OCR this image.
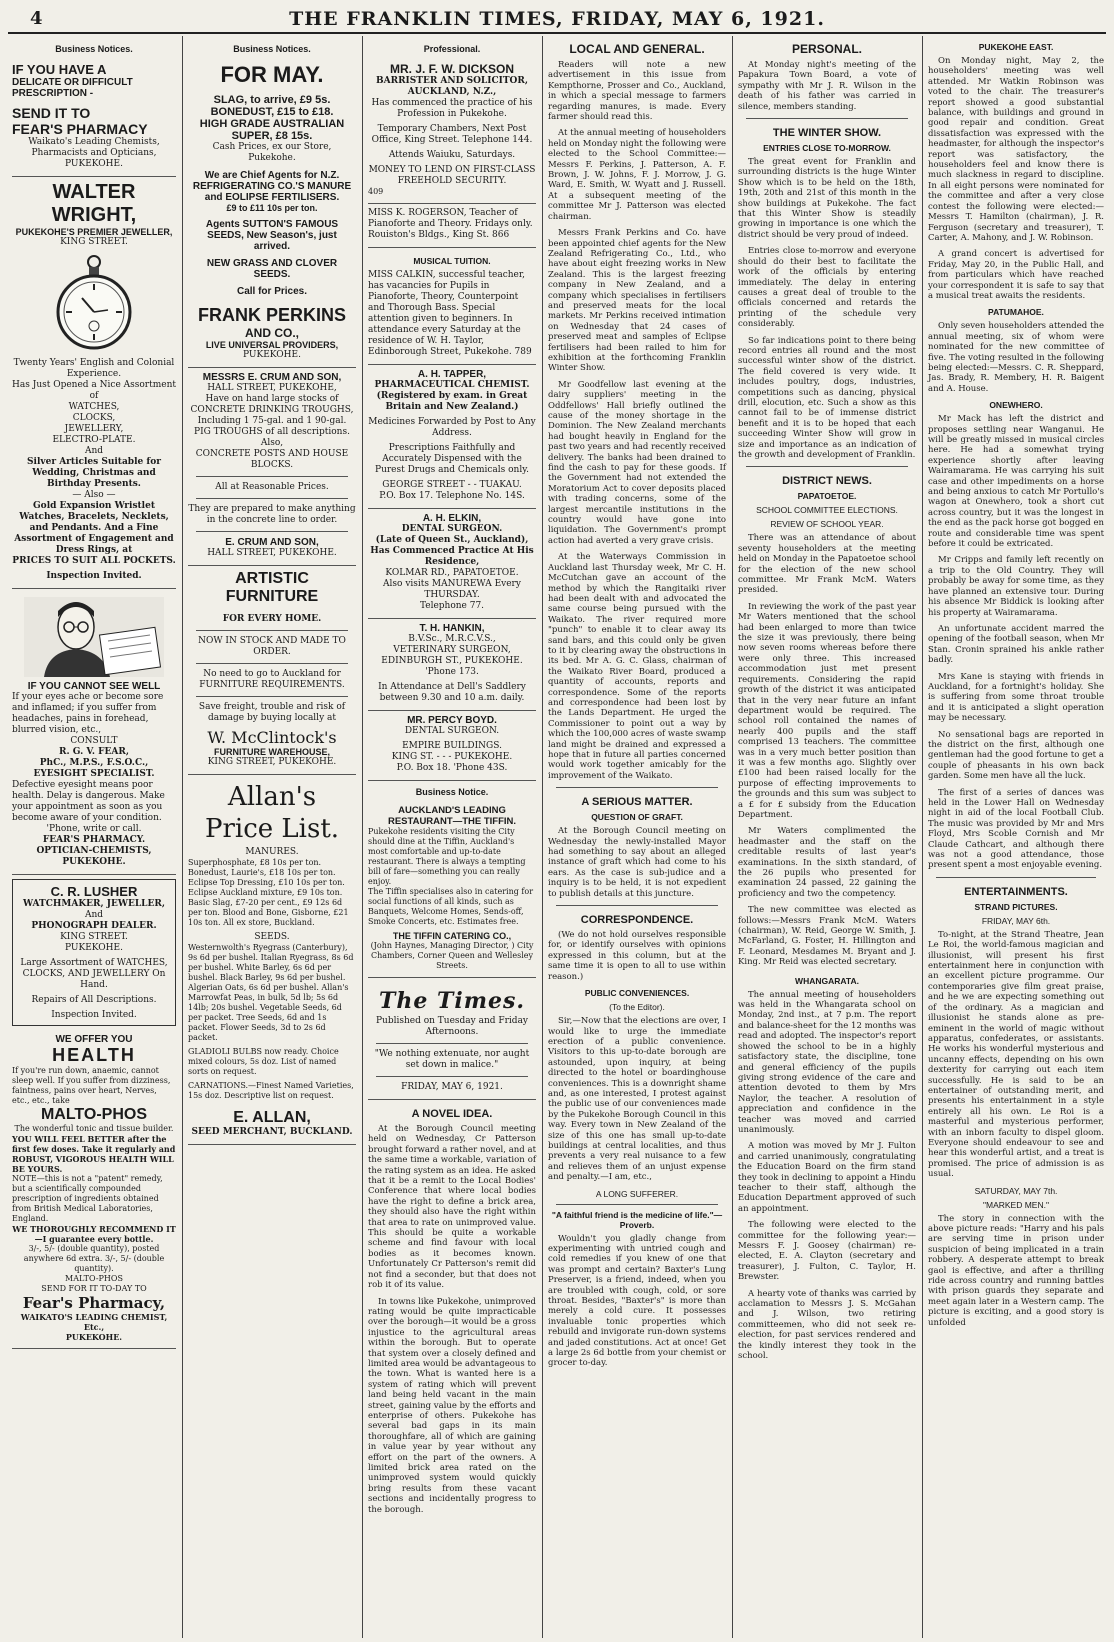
4	THE FRANKLIN TIMES, FRIDAY, MAY 6, 1921.
Business Notices.
IF YOU HAVE A
DELICATE OR DIFFICULT
PRESCRIPTION -
SEND IT TO
FEAR'S PHARMACY
Waikato's Leading Chemists, Pharmacists and Opticians,
PUKEKOHE.
WALTER WRIGHT,
PUKEKOHE'S PREMIER JEWELLER,
KING STREET.
Twenty Years' English and Colonial Experience.
Has Just Opened a Nice Assortment of
WATCHES,
CLOCKS,
JEWELLERY,
ELECTRO-PLATE.
And
Silver Articles Suitable for Wedding, Christmas and Birthday Presents.
— Also —
Gold Expansion Wristlet Watches, Bracelets, Necklets, and Pendants. And a Fine Assortment of Engagement and Dress Rings, at
PRICES TO SUIT ALL POCKETS.
Inspection Invited.
IF YOU CANNOT SEE WELL
If your eyes ache or become sore and inflamed; if you suffer from headaches, pains in forehead, blurred vision, etc.,
CONSULT
R. G. V. FEAR,
PhC., M.P.S., F.S.O.C.,
EYESIGHT SPECIALIST.
Defective eyesight means poor health. Delay is dangerous. Make your appointment as soon as you become aware of your condition.
'Phone, write or call.
FEAR'S PHARMACY.
OPTICIAN-CHEMISTS, PUKEKOHE.
C. R. LUSHER
WATCHMAKER, JEWELLER,
And
PHONOGRAPH DEALER.
KING STREET.
PUKEKOHE.
Large Assortment of WATCHES, CLOCKS, AND JEWELLERY On Hand.
Repairs of All Descriptions.
Inspection Invited.
WE OFFER YOU
HEALTH
If you're run down, anaemic, cannot sleep well. If you suffer from dizziness, faintness, pains over heart, Nerves, etc., etc., take
MALTO-PHOS
The wonderful tonic and tissue builder.
YOU WILL FEEL BETTER after the first few doses. Take it regularly and ROBUST, VIGOROUS HEALTH WILL BE YOURS.
NOTE—this is not a "patent" remedy, but a scientifically compounded prescription of ingredients obtained from British Medical Laboratories, England.
WE THOROUGHLY RECOMMEND IT—I guarantee every bottle.
3/-, 5/- (double quantity), posted anywhere 6d extra. 3/-, 5/- (double quantity).
MALTO-PHOS
SEND FOR IT TO-DAY TO
Fear's Pharmacy,
WAIKATO'S LEADING CHEMIST, Etc.,
PUKEKOHE.
Business Notices.
FOR MAY.
SLAG, to arrive, £9 5s.
BONEDUST, £15 to £18.
HIGH GRADE AUSTRALIAN SUPER, £8 15s.
Cash Prices, ex our Store, Pukekohe.
We are Chief Agents for N.Z. REFRIGERATING CO.'S MANURE and EOLIPSE FERTILISERS.
£9 to £11 10s per ton.
Agents SUTTON'S FAMOUS SEEDS, New Season's, just arrived.
NEW GRASS AND CLOVER SEEDS.
Call for Prices.
FRANK PERKINS
AND CO.,
LIVE UNIVERSAL PROVIDERS,
PUKEKOHE.
MESSRS E. CRUM AND SON,
HALL STREET, PUKEKOHE,
Have on hand large stocks of CONCRETE DRINKING TROUGHS, Including 1 75-gal. and 1 90-gal. PIG TROUGHS of all descriptions.
Also,
CONCRETE POSTS AND HOUSE BLOCKS.
All at Reasonable Prices.
They are prepared to make anything in the concrete line to order.
E. CRUM AND SON,
HALL STREET, PUKEKOHE.
ARTISTIC FURNITURE
FOR EVERY HOME.
NOW IN STOCK AND MADE TO ORDER.
No need to go to Auckland for FURNITURE REQUIREMENTS.
Save freight, trouble and risk of damage by buying locally at
W. McClintock's
FURNITURE WAREHOUSE,
KING STREET, PUKEKOHE.
Allan's
Price List.
MANURES.
Superphosphate, £8 10s per ton. Bonedust, Laurie's, £18 10s per ton. Eclipse Top Dressing, £10 10s per ton. Eclipse Auckland mixture, £9 10s ton. Basic Slag, £7-20 per cent., £9 12s 6d per ton. Blood and Bone, Gisborne, £21 10s ton. All ex store, Buckland.
SEEDS.
Westernwolth's Ryegrass (Canterbury), 9s 6d per bushel. Italian Ryegrass, 8s 6d per bushel. White Barley, 6s 6d per bushel. Black Barley, 9s 6d per bushel. Algerian Oats, 6s 6d per bushel. Allan's Marrowfat Peas, in bulk, 5d lb; 5s 6d 14lb; 20s bushel. Vegetable Seeds, 6d per packet. Tree Seeds, 6d and 1s packet. Flower Seeds, 3d to 2s 6d packet.
GLADIOLI BULBS now ready. Choice mixed colours, 5s doz. List of named sorts on request.
CARNATIONS.—Finest Named Varieties, 15s doz. Descriptive list on request.
E. ALLAN,
SEED MERCHANT, BUCKLAND.
Professional.
MR. J. F. W. DICKSON
BARRISTER AND SOLICITOR, AUCKLAND, N.Z.,
Has commenced the practice of his Profession in Pukekohe.
Temporary Chambers, Next Post Office, King Street. Telephone 144.
Attends Waiuku, Saturdays.
MONEY TO LEND ON FIRST-CLASS FREEHOLD SECURITY.
409
MISS K. ROGERSON, Teacher of Pianoforte and Theory. Fridays only. Rouiston's Bldgs., King St. 866
MUSICAL TUITION.
MISS CALKIN, successful teacher, has vacancies for Pupils in Pianoforte, Theory, Counterpoint and Thorough Bass. Special attention given to beginners. In attendance every Saturday at the residence of W. H. Taylor, Edinborough Street, Pukekohe. 789
A. H. TAPPER,
PHARMACEUTICAL CHEMIST.
(Registered by exam. in Great Britain and New Zealand.)
Medicines Forwarded by Post to Any Address.
Prescriptions Faithfully and Accurately Dispensed with the Purest Drugs and Chemicals only.
GEORGE STREET - - TUAKAU.
P.O. Box 17. Telephone No. 14S.
A. H. ELKIN,
DENTAL SURGEON.
(Late of Queen St., Auckland), Has Commenced Practice At His Residence,
KOLMAR RD., PAPATOETOE.
Also visits MANUREWA Every THURSDAY.
Telephone 77.
T. H. HANKIN,
B.V.Sc., M.R.C.V.S.,
VETERINARY SURGEON,
EDINBURGH ST., PUKEKOHE.
'Phone 173.
In Attendance at Dell's Saddlery between 9.30 and 10 a.m. daily.
MR. PERCY BOYD.
DENTAL SURGEON.
EMPIRE BUILDINGS.
KING ST. - - - PUKEKOHE.
P.O. Box 18. 'Phone 43S.
Business Notice.
AUCKLAND'S LEADING RESTAURANT—THE TIFFIN.
Pukekohe residents visiting the City should dine at the Tiffin, Auckland's most comfortable and up-to-date restaurant. There is always a tempting bill of fare—something you can really enjoy.
The Tiffin specialises also in catering for social functions of all kinds, such as Banquets, Welcome Homes, Sends-off, Smoke Concerts, etc. Estimates free.
THE TIFFIN CATERING CO.,
(John Haynes, Managing Director, ) City Chambers, Corner Queen and Wellesley Streets.
The Times.
Published on Tuesday and Friday Afternoons.
"We nothing extenuate, nor aught set down in malice."
FRIDAY, MAY 6, 1921.
A NOVEL IDEA.

At the Borough Council meeting held on Wednesday, Cr Patterson brought forward a rather novel, and at the same time a workable, variation of the rating system as an idea. He asked that it be a remit to the Local Bodies' Conference that where local bodies have the right to define a brick area, they should also have the right within that area to rate on unimproved value. This should be quite a workable scheme and find favour with local bodies as it becomes known. Unfortunately Cr Patterson's remit did not find a seconder, but that does not rob it of its value.

In towns like Pukekohe, unimproved rating would be quite impracticable over the borough—it would be a gross injustice to the agricultural areas within the borough. But to operate that system over a closely defined and limited area would be advantageous to the town. What is wanted here is a system of rating which will prevent land being held vacant in the main street, gaining value by the efforts and enterprise of others. Pukekohe has several bad gaps in its main thoroughfare, all of which are gaining in value year by year without any effort on the part of the owners. A limited brick area rated on the unimproved system would quickly bring results from these vacant sections and incidentally progress to the borough.

LOCAL AND GENERAL.

Readers will note a new advertisement in this issue from Kempthorne, Prosser and Co., Auckland, in which a special message to farmers regarding manures, is made. Every farmer should read this.

At the annual meeting of householders held on Monday night the following were elected to the School Committee:—Messrs F. Perkins, J. Patterson, A. F. Brown, J. W. Johns, F. J. Morrow, J. G. Ward, E. Smith, W. Wyatt and J. Russell. At a subsequent meeting of the committee Mr J. Patterson was elected chairman.

Messrs Frank Perkins and Co. have been appointed chief agents for the New Zealand Refrigerating Co., Ltd., who have about eight freezing works in New Zealand. This is the largest freezing company in New Zealand, and a company which specialises in fertilisers and preserved meats for the local markets. Mr Perkins received intimation on Wednesday that 24 cases of preserved meat and samples of Eclipse fertilisers had been railed to him for exhibition at the forthcoming Franklin Winter Show.

Mr Goodfellow last evening at the dairy suppliers' meeting in the Oddfellows' Hall briefly outlined the cause of the money shortage in the Dominion. The New Zealand merchants had bought heavily in England for the past two years and had recently received delivery. The banks had been drained to find the cash to pay for these goods. If the Government had not extended the Moratorium Act to cover deposits placed with trading concerns, some of the largest mercantile institutions in the country would have gone into liquidation. The Government's prompt action had averted a very grave crisis.

At the Waterways Commission in Auckland last Thursday week, Mr C. H. McCutchan gave an account of the method by which the Rangitaiki river had been dealt with and advocated the same course being pursued with the Waikato. The river required more "punch" to enable it to clear away its sand bars, and this could only be given to it by clearing away the obstructions in its bed. Mr A. G. C. Glass, chairman of the Waikato River Board, produced a quantity of accounts, reports and correspondence. Some of the reports and correspondence had been lost by the Lands Department. He urged the Commissioner to point out a way by which the 100,000 acres of waste swamp land might be drained and expressed a hope that in future all parties concerned would work together amicably for the improvement of the Waikato.

A SERIOUS MATTER.
QUESTION OF GRAFT.

At the Borough Council meeting on Wednesday the newly-installed Mayor had something to say about an alleged instance of graft which had come to his ears. As the case is sub-judice and a inquiry is to be held, it is not expedient to publish details at this juncture.

CORRESPONDENCE.

(We do not hold ourselves responsible for, or identify ourselves with opinions expressed in this column, but at the same time it is open to all to use within reason.)

PUBLIC CONVENIENCES.
(To the Editor).

Sir,—Now that the elections are over, I would like to urge the immediate erection of a public convenience. Visitors to this up-to-date borough are astounded, upon inquiry, at being directed to the hotel or boardinghouse conveniences. This is a downright shame and, as one interested, I protest against the public use of our conveniences made by the Pukekohe Borough Council in this way. Every town in New Zealand of the size of this one has small up-to-date buildings at central localities, and thus prevents a very real nuisance to a few and relieves them of an unjust expense and penalty.—I am, etc.,

A LONG SUFFERER.
"A faithful friend is the medicine of life."—Proverb.

Wouldn't you gladly change from experimenting with untried cough and cold remedies if you knew of one that was prompt and certain? Baxter's Lung Preserver, is a friend, indeed, when you are troubled with cough, cold, or sore throat. Besides, "Baxter's" is more than merely a cold cure. It possesses invaluable tonic properties which rebuild and invigorate run-down systems and jaded constitutions. Act at once! Get a large 2s 6d bottle from your chemist or grocer to-day.

PERSONAL.

At Monday night's meeting of the Papakura Town Board, a vote of sympathy with Mr J. R. Wilson in the death of his father was carried in silence, members standing.

THE WINTER SHOW.
ENTRIES CLOSE TO-MORROW.

The great event for Franklin and surrounding districts is the huge Winter Show which is to be held on the 18th, 19th, 20th and 21st of this month in the show buildings at Pukekohe. The fact that this Winter Show is steadily growing in importance is one which the district should be very proud of indeed.

Entries close to-morrow and everyone should do their best to facilitate the work of the officials by entering immediately. The delay in entering causes a great deal of trouble to the officials concerned and retards the printing of the schedule very considerably.

So far indications point to there being record entries all round and the most successful winter show of the district. The field covered is very wide. It includes poultry, dogs, industries, competitions such as dancing, physical drill, elocution, etc. Such a show as this cannot fail to be of immense district benefit and it is to be hoped that each succeeding Winter Show will grow in size and importance as an indication of the growth and development of Franklin.

DISTRICT NEWS.
PAPATOETOE.
SCHOOL COMMITTEE ELECTIONS.
REVIEW OF SCHOOL YEAR.

There was an attendance of about seventy householders at the meeting held on Monday in the Papatoetoe school for the election of the new school committee. Mr Frank McM. Waters presided.

In reviewing the work of the past year Mr Waters mentioned that the school had been enlarged to more than twice the size it was previously, there being now seven rooms whereas before there were only three. This increased accommodation just met present requirements. Considering the rapid growth of the district it was anticipated that in the very near future an infant department would be required. The school roll contained the names of nearly 400 pupils and the staff comprised 13 teachers. The committee was in a very much better position than it was a few months ago. Slightly over £100 had been raised locally for the purpose of effecting improvements to the grounds and this sum was subject to a £ for £ subsidy from the Education Department.

Mr Waters complimented the headmaster and the staff on the creditable results of last year's examinations. In the sixth standard, of the 26 pupils who presented for examination 24 passed, 22 gaining the proficiency and two the competency.

The new committee was elected as follows:—Messrs Frank McM. Waters (chairman), W. Reid, George W. Smith, J. McFarland, G. Foster, H. Hillington and F. Leonard, Mesdames M. Bryant and J. King. Mr Reid was elected secretary.

WHANGARATA.

The annual meeting of householders was held in the Whangarata school on Monday, 2nd inst., at 7 p.m. The report and balance-sheet for the 12 months was read and adopted. The inspector's report showed the school to be in a highly satisfactory state, the discipline, tone and general efficiency of the pupils giving strong evidence of the care and attention devoted to them by Mrs Naylor, the teacher. A resolution of appreciation and confidence in the teacher was moved and carried unanimously.

A motion was moved by Mr J. Fulton and carried unanimously, congratulating the Education Board on the firm stand they took in declining to appoint a Hindu teacher to their staff, although the Education Department approved of such an appointment.

The following were elected to the committee for the following year:—Messrs F. J. Goosey (chairman) re-elected, E. A. Clayton (secretary and treasurer), J. Fulton, C. Taylor, H. Brewster.

A hearty vote of thanks was carried by acclamation to Messrs J. S. McGahan and J. Wilson, two retiring committeemen, who did not seek re-election, for past services rendered and the kindly interest they took in the school.

PUKEKOHE EAST.

On Monday night, May 2, the householders' meeting was well attended. Mr Watkin Robinson was voted to the chair. The treasurer's report showed a good substantial balance, with buildings and ground in good repair and condition. Great dissatisfaction was expressed with the headmaster, for although the inspector's report was satisfactory, the householders feel and know there is much slackness in regard to discipline. In all eight persons were nominated for the committee and after a very close contest the following were elected:—Messrs T. Hamilton (chairman), J. R. Ferguson (secretary and treasurer), T. Carter, A. Mahony, and J. W. Robinson.

A grand concert is advertised for Friday, May 20, in the Public Hall, and from particulars which have reached your correspondent it is safe to say that a musical treat awaits the residents.

PATUMAHOE.

Only seven householders attended the annual meeting, six of whom were nominated for the new committee of five. The voting resulted in the following being elected:—Messrs. C. R. Sheppard, Jas. Brady, R. Membery, H. R. Baigent and A. House.

ONEWHERO.

Mr Mack has left the district and proposes settling near Wanganui. He will be greatly missed in musical circles here. He had a somewhat trying experience shortly after leaving Wairamarama. He was carrying his suit case and other impediments on a horse and being anxious to catch Mr Portullo's wagon at Onewhero, took a short cut across country, but it was the longest in the end as the pack horse got bogged en route and considerable time was spent before it could be extricated.

Mr Cripps and family left recently on a trip to the Old Country. They will probably be away for some time, as they have planned an extensive tour. During his absence Mr Biddick is looking after his property at Wairamarama.

An unfortunate accident marred the opening of the football season, when Mr Stan. Cronin sprained his ankle rather badly.

Mrs Kane is staying with friends in Auckland, for a fortnight's holiday. She is suffering from some throat trouble and it is anticipated a slight operation may be necessary.

No sensational bags are reported in the district on the first, although one gentleman had the good fortune to get a couple of pheasants in his own back garden. Some men have all the luck.

The first of a series of dances was held in the Lower Hall on Wednesday night in aid of the local Football Club. The music was provided by Mr and Mrs Floyd, Mrs Scoble Cornish and Mr Claude Cathcart, and although there was not a good attendance, those present spent a most enjoyable evening.

ENTERTAINMENTS.
STRAND PICTURES.
FRIDAY, MAY 6th.

To-night, at the Strand Theatre, Jean Le Roi, the world-famous magician and illusionist, will present his first entertainment here in conjunction with an excellent picture programme. Our contemporaries give film great praise, and he we are expecting something out of the ordinary. As a magician and illusionist he stands alone as pre-eminent in the world of magic without apparatus, confederates, or assistants. He works his wonderful mysterious and uncanny effects, depending on his own dexterity for carrying out each item successfully. He is said to be an entertainer of outstanding merit, and presents his entertainment in a style entirely all his own. Le Roi is a masterful and mysterious performer, with an inborn faculty to dispel gloom. Everyone should endeavour to see and hear this wonderful artist, and a treat is promised. The price of admission is as usual.

SATURDAY, MAY 7th.
"MARKED MEN."

The story in connection with the above picture reads: "Harry and his pals are serving time in prison under suspicion of being implicated in a train robbery. A desperate attempt to break gaol is effective, and after a thrilling ride across country and running battles with prison guards they separate and meet again later in a Western camp. The picture is exciting, and a good story is unfolded
